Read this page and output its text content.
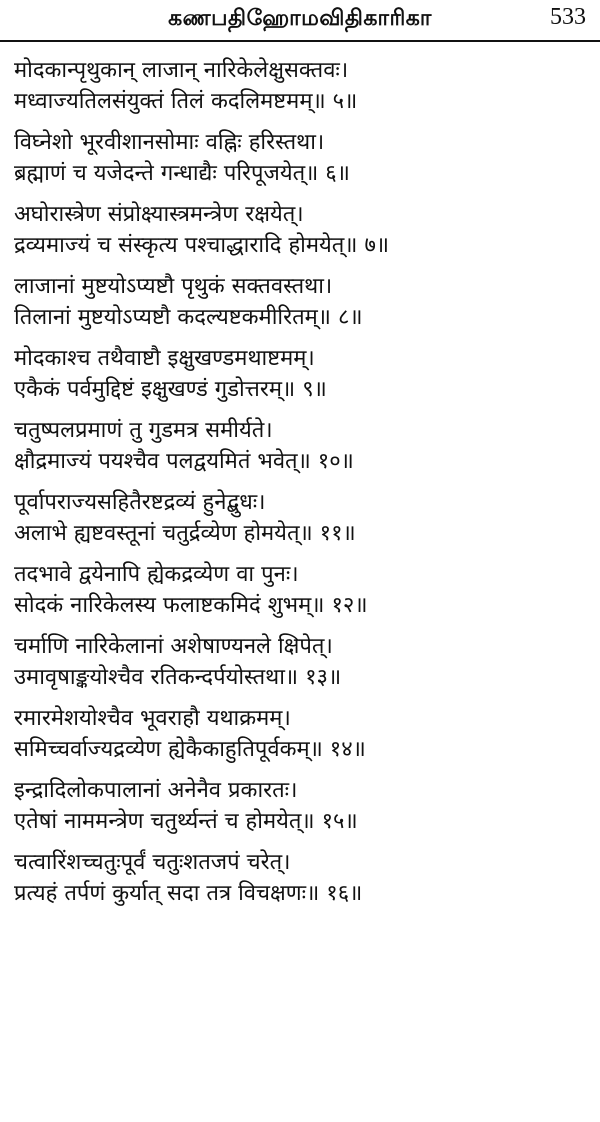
கணபதிஹோமவிதிகாரிகா	533
मोदकान्पृथुकान् लाजान् नारिकेलेक्षुसक्तवः।
मध्वाज्यतिलसंयुक्तं तिलं कदलिमष्टमम्॥ ५॥
विघ्नेशो भूरवीशानसोमाः वह्निः हरिस्तथा।
ब्रह्माणं च यजेदन्ते गन्धाद्यैः परिपूजयेत्॥ ६॥
अघोरास्त्रेण संप्रोक्ष्यास्त्रमन्त्रेण रक्षयेत्।
द्रव्यमाज्यं च संस्कृत्य पश्चाद्धारादि होमयेत्॥ ७॥
लाजानां मुष्टयोऽप्यष्टौ पृथुकं सक्तवस्तथा।
तिलानां मुष्टयोऽप्यष्टौ कदल्यष्टकमीरितम्॥ ८॥
मोदकाश्च तथैवाष्टौ इक्षुखण्डमथाष्टमम्।
एकैकं पर्वमुद्दिष्टं इक्षुखण्डं गुडोत्तरम्॥ ९॥
चतुष्पलप्रमाणं तु गुडमत्र समीर्यते।
क्षौद्रमाज्यं पयश्चैव पलद्वयमितं भवेत्॥ १०॥
पूर्वापराज्यसहितैरष्टद्रव्यं हुनेद्बुधः।
अलाभे ह्यष्टवस्तूनां चतुर्द्रव्येण होमयेत्॥ ११॥
तदभावे द्वयेनापि ह्येकद्रव्येण वा पुनः।
सोदकं नारिकेलस्य फलाष्टकमिदं शुभम्॥ १२॥
चर्माणि नारिकेलानां अशेषाण्यनले क्षिपेत्।
उमावृषाङ्कयोश्चैव रतिकन्दर्पयोस्तथा॥ १३॥
रमारमेशयोश्चैव भूवराहौ यथाक्रमम्।
समिच्चर्वाज्यद्रव्येण ह्येकैकाहुतिपूर्वकम्॥ १४॥
इन्द्रादिलोकपालानां अनेनैव प्रकारतः।
एतेषां नाममन्त्रेण चतुर्थ्यन्तं च होमयेत्॥ १५॥
चत्वारिंशच्चतुःपूर्वं चतुःशतजपं चरेत्।
प्रत्यहं तर्पणं कुर्यात् सदा तत्र विचक्षणः॥ १६॥
